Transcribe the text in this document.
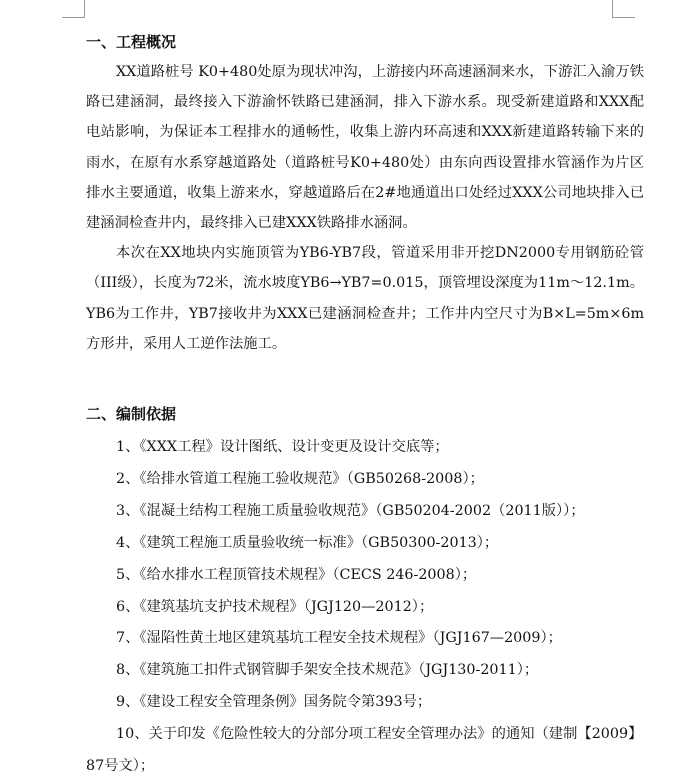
一、工程概况

XX道路桩号 K0+480处原为现状冲沟，上游接内环高速涵洞来水，下游汇入渝万铁路已建涵洞，最终接入下游渝怀铁路已建涵洞，排入下游水系。现受新建道路和XXX配电站影响，为保证本工程排水的通畅性，收集上游内环高速和XXX新建道路转输下来的雨水，在原有水系穿越道路处（道路桩号K0+480处）由东向西设置排水管涵作为片区排水主要通道，收集上游来水，穿越道路后在2#地通道出口处经过XXX公司地块排入已建涵洞检查井内，最终排入已建XXX铁路排水涵洞。

本次在XX地块内实施顶管为YB6-YB7段，管道采用非开挖DN2000专用钢筋砼管（III级），长度为72米，流水坡度YB6→YB7=0.015，顶管埋设深度为11m～12.1m。YB6为工作井，YB7接收井为XXX已建涵洞检查井；工作井内空尺寸为B×L=5m×6m方形井，采用人工逆作法施工。

二、编制依据

1、《XXX工程》设计图纸、设计变更及设计交底等；

2、《给排水管道工程施工验收规范》（GB50268-2008）；

3、《混凝土结构工程施工质量验收规范》（GB50204-2002（2011版））；

4、《建筑工程施工质量验收统一标准》（GB50300-2013）；

5、《给水排水工程顶管技术规程》（CECS 246-2008）；

6、《建筑基坑支护技术规程》（JGJ120—2012）；

7、《湿陷性黄土地区建筑基坑工程安全技术规程》（JGJ167—2009）；

8、《建筑施工扣件式钢管脚手架安全技术规范》（JGJ130-2011）；

9、《建设工程安全管理条例》国务院令第393号；

10、关于印发《危险性较大的分部分项工程安全管理办法》的通知（建制【2009】87号文）；
